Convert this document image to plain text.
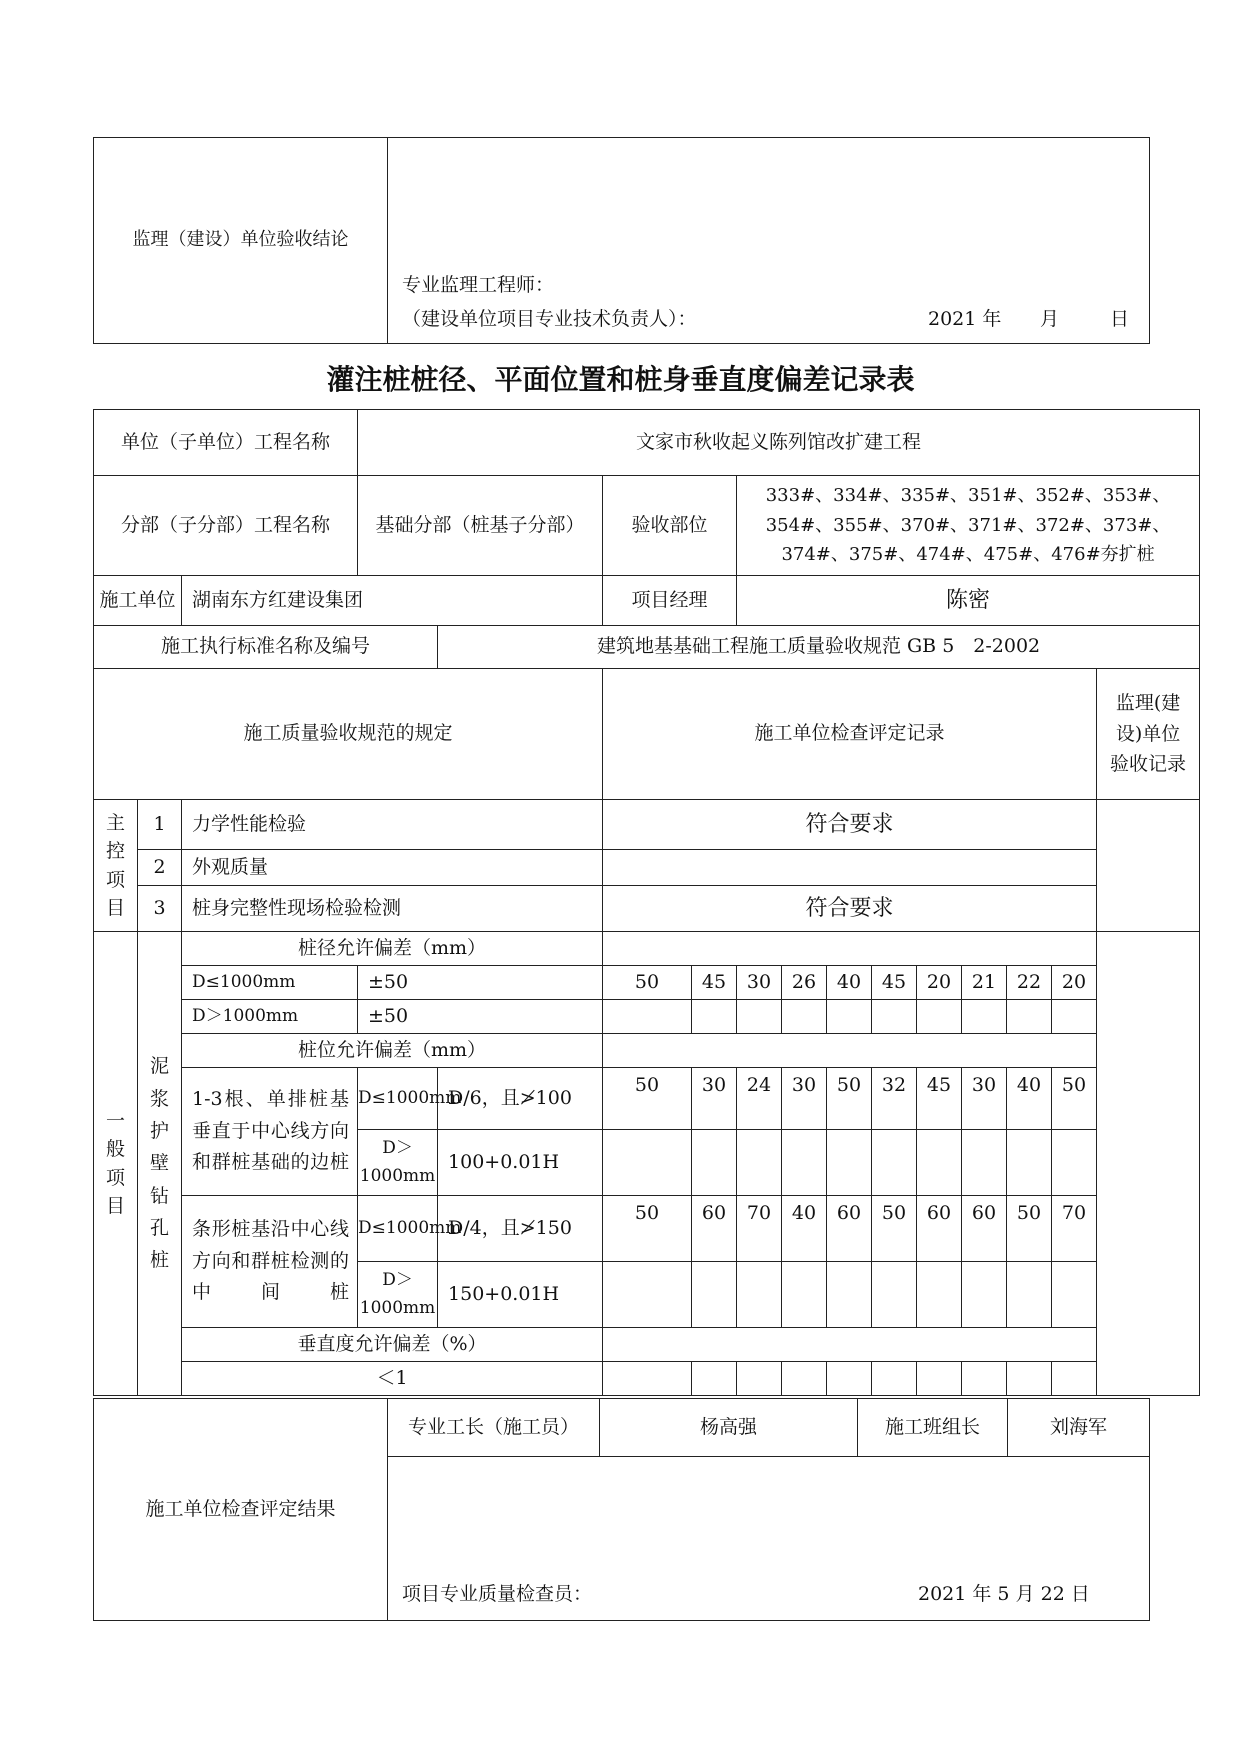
监理（建设）单位验收结论	
专业监理工程师：
（建设单位项目专业技术负责人）：	2021 年 月	日
灌注桩桩径、平面位置和桩身垂直度偏差记录表
单位（子单位）工程名称			文家市秋收起义陈列馆改扩建工程												
分部（子分部）工程名称			基础分部（桩基子分部）		验收部位		333#、334#、335#、351#、352#、353#、354#、355#、370#、371#、372#、373#、374#、375#、474#、475#、476#夯扩桩								
施工单位		湖南东方红建设集团			项目经理		陈密								
施工执行标准名称及编号				建筑地基基础工程施工质量验收规范 GB 5　2-2002											
施工质量验收规范的规定					施工单位检查评定记录										监理(建设)单位验收记录
主控项目	1	力学性能检验			符合要求										
	2	外观质量													
	3	桩身完整性现场检验检测			符合要求										
一般项目	泥浆护壁钻孔桩	桩径允许偏差（mm）													
		D≤1000mm	±50		50	45	30	26	40	45	20	21	22	20	
		D＞1000mm	±50												
		桩位允许偏差（mm）													
		1-3根、单排桩基垂直于中心线方向和群桩基础的边桩	D≤1000mm	D/6，且≯100	50	30	24	30	50	32	45	30	40	50	
			D＞1000mm	100+0.01H											
		条形桩基沿中心线方向和群桩检测的中间桩	D≤1000mm	D/4，且≯150	50	60	70	40	60	50	60	60	50	70	
			D＞1000mm	150+0.01H											
		垂直度允许偏差（%）													
		＜1													
施工单位检查评定结果	专业工长（施工员）	杨高强	施工班组长	刘海军

项目专业质量检查员：	2021 年 5 月 22 日
